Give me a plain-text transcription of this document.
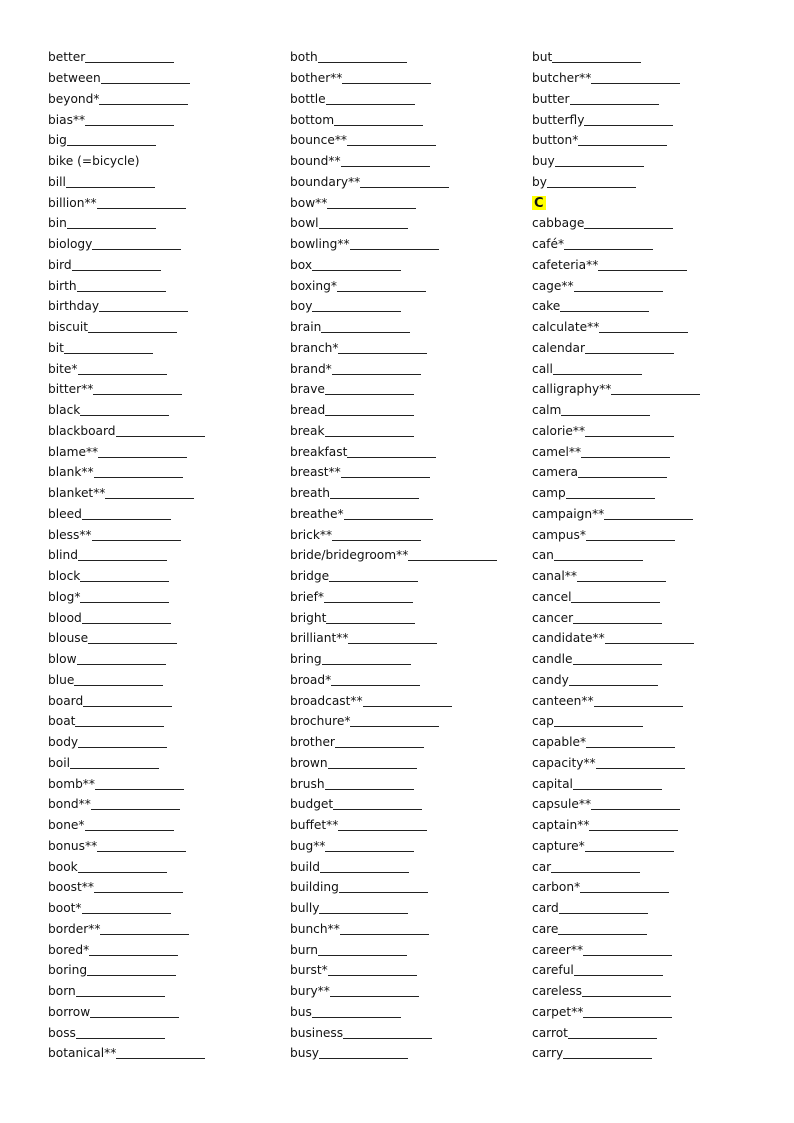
better
between
beyond*
bias**
big
bike (=bicycle)
bill
billion**
bin
biology
bird
birth
birthday
biscuit
bit
bite*
bitter**
black
blackboard
blame**
blank**
blanket**
bleed
bless**
blind
block
blog*
blood
blouse
blow
blue
board
boat
body
boil
bomb**
bond**
bone*
bonus**
book
boost**
boot*
border**
bored*
boring
born
borrow
boss
botanical**
both
bother**
bottle
bottom
bounce**
bound**
boundary**
bow**
bowl
bowling**
box
boxing*
boy
brain
branch*
brand*
brave
bread
break
breakfast
breast**
breath
breathe*
brick**
bride/bridegroom**
bridge
brief*
bright
brilliant**
bring
broad*
broadcast**
brochure*
brother
brown
brush
budget
buffet**
bug**
build
building
bully
bunch**
burn
burst*
bury**
bus
business
busy
but
butcher**
butter
butterfly
button*
buy
by
C
cabbage
café*
cafeteria**
cage**
cake
calculate**
calendar
call
calligraphy**
calm
calorie**
camel**
camera
camp
campaign**
campus*
can
canal**
cancel
cancer
candidate**
candle
candy
canteen**
cap
capable*
capacity**
capital
capsule**
captain**
capture*
car
carbon*
card
care
career**
careful
careless
carpet**
carrot
carry
